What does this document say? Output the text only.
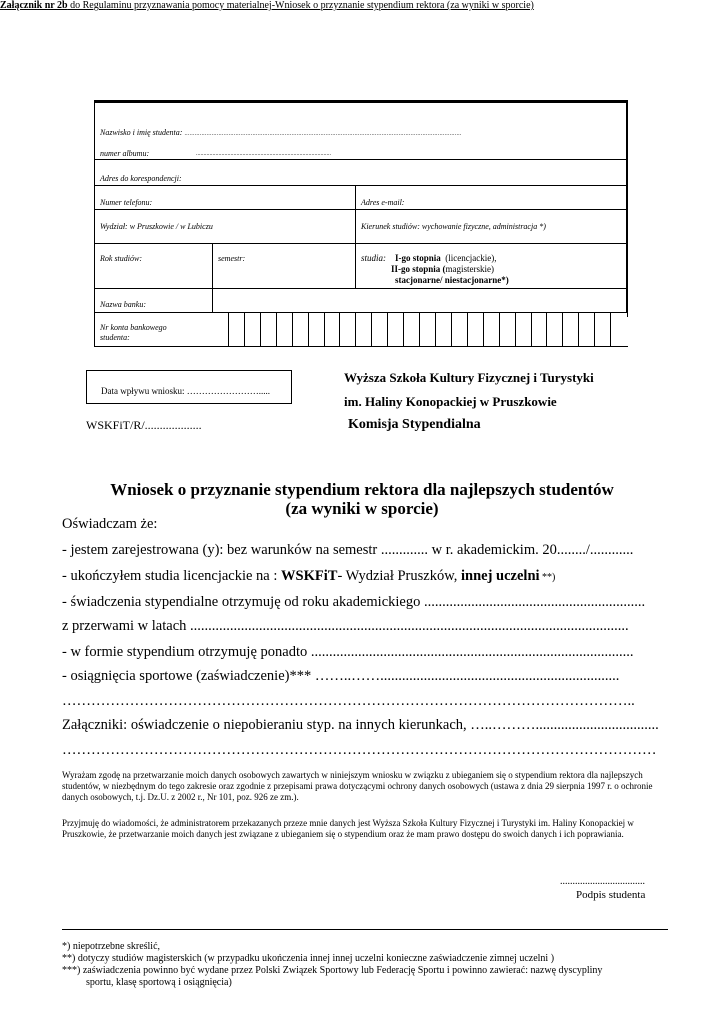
Załącznik nr 2b do Regulaminu przyznawania pomocy materialnej-Wniosek o przyznanie stypendium rektora (za wyniki w sporcie)
Nazwisko i imię studenta: ...................................................................................................................................................................
numer albumu:	..........................................................................................
Adres do korespondencji:
Numer telefonu:	Adres e-mail:
Wydział: w Pruszkowie / w Lubiczu	Kierunek studiów: wychowanie fizyczne, administracja *)
Rok studiów:	semestr:	studia: I-go stopnia (licencjackie),
II-go stopnia (magisterskie)
stacjonarne/ niestacjonarne*)
Nazwa banku:
Nr konta bankowego
studenta:
Data wpływu wniosku: …………………….....
WSKFiT/R/...................
Wyższa Szkoła Kultury Fizycznej i Turystyki
im. Haliny Konopackiej w Pruszkowie
Komisja Stypendialna
Wniosek o przyznanie stypendium rektora dla najlepszych studentów
(za wyniki w sporcie)
Oświadczam że:
- jestem zarejestrowana (y): bez warunków na semestr ............. w r. akademickim. 20......../............
- ukończyłem studia licencjackie na : WSKFiT- Wydział Pruszków, innej uczelni **)
- świadczenia stypendialne otrzymuję od roku akademickiego .............................................................
z przerwami w latach .........................................................................................................................
- w formie stypendium otrzymuję ponadto .........................................................................................
- osiągnięcia sportowe (zaświadczenie)*** ……..……..................................................................
………………………………………………………………………………………………………..
Załączniki: oświadczenie o niepobieraniu styp. na innych kierunkach, …..………..................................
……………………………………………………………………………………………………………
Wyrażam zgodę na przetwarzanie moich danych osobowych zawartych w niniejszym wniosku w związku z ubieganiem się o stypendium rektora dla najlepszych studentów, w niezbędnym do tego zakresie oraz zgodnie z przepisami prawa dotyczącymi ochrony danych osobowych (ustawa z dnia 29 sierpnia 1997 r. o ochronie danych osobowych, t.j. Dz.U. z 2002 r., Nr 101, poz. 926 ze zm.).
Przyjmuję do wiadomości, że administratorem przekazanych przeze mnie danych jest Wyższa Szkoła Kultury Fizycznej i Turystyki im. Haliny Konopackiej w Pruszkowie, że przetwarzanie moich danych jest związane z ubieganiem się o stypendium oraz że mam prawo dostępu do swoich danych i ich poprawiania.
..................................
Podpis studenta
*) niepotrzebne skreślić,
**) dotyczy studiów magisterskich (w przypadku ukończenia innej innej uczelni konieczne zaświadczenie zimnej uczelni )
***) zaświadczenia powinno być wydane przez Polski Związek Sportowy lub Federację Sportu i powinno zawierać: nazwę dyscypliny
sportu, klasę sportową i osiągnięcia)
